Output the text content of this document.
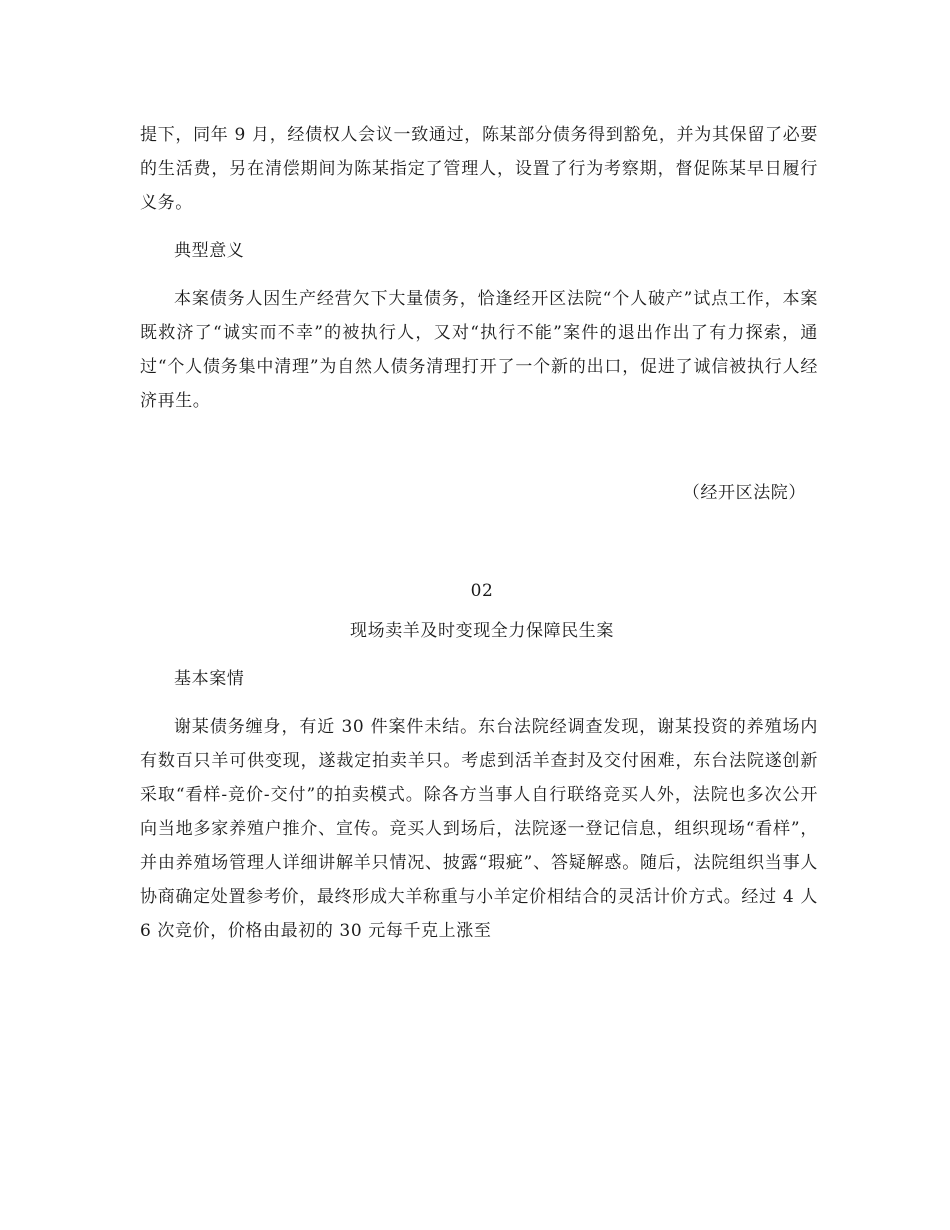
提下，同年 9 月，经债权人会议一致通过，陈某部分债务得到豁免，并为其保留了必要的生活费，另在清偿期间为陈某指定了管理人，设置了行为考察期，督促陈某早日履行义务。

典型意义

本案债务人因生产经营欠下大量债务，恰逢经开区法院“个人破产”试点工作，本案既救济了“诚实而不幸”的被执行人，又对“执行不能”案件的退出作出了有力探索，通过“个人债务集中清理”为自然人债务清理打开了一个新的出口，促进了诚信被执行人经济再生。

（经开区法院）

02

现场卖羊及时变现全力保障民生案

基本案情

谢某债务缠身，有近 30 件案件未结。东台法院经调查发现，谢某投资的养殖场内有数百只羊可供变现，遂裁定拍卖羊只。考虑到活羊查封及交付困难，东台法院遂创新采取“看样-竞价-交付”的拍卖模式。除各方当事人自行联络竞买人外，法院也多次公开向当地多家养殖户推介、宣传。竞买人到场后，法院逐一登记信息，组织现场“看样”，并由养殖场管理人详细讲解羊只情况、披露“瑕疵”、答疑解惑。随后，法院组织当事人协商确定处置参考价，最终形成大羊称重与小羊定价相结合的灵活计价方式。经过 4 人 6 次竞价，价格由最初的 30 元每千克上涨至
